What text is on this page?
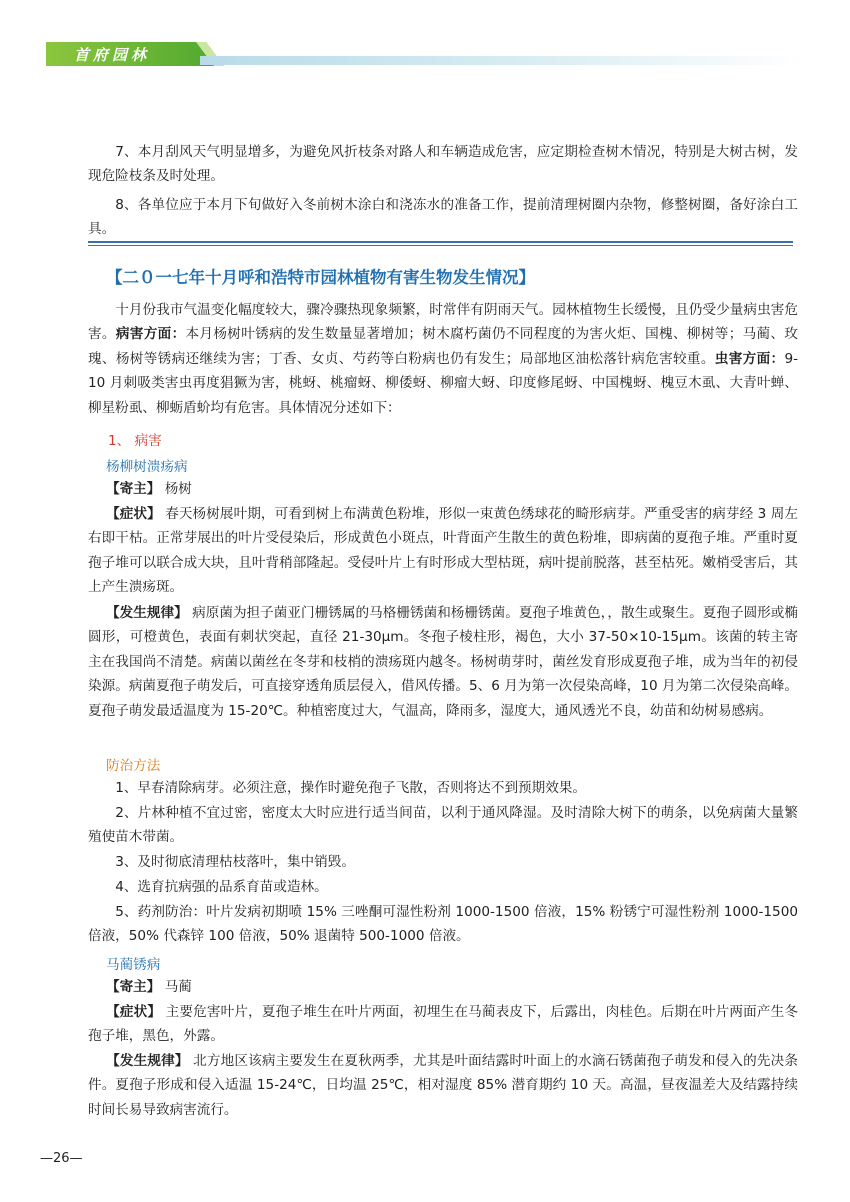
首府园林

7、本月刮风天气明显增多，为避免风折枝条对路人和车辆造成危害，应定期检查树木情况，特别是大树古树，发现危险枝条及时处理。

8、各单位应于本月下旬做好入冬前树木涂白和浇冻水的准备工作，提前清理树圈内杂物，修整树圈，备好涂白工具。

【二０一七年十月呼和浩特市园林植物有害生物发生情况】

十月份我市气温变化幅度较大，骤冷骤热现象频繁，时常伴有阴雨天气。园林植物生长缓慢，且仍受少量病虫害危害。病害方面：本月杨树叶锈病的发生数量显著增加；树木腐朽菌仍不同程度的为害火炬、国槐、柳树等；马蔺、玫瑰、杨树等锈病还继续为害；丁香、女贞、芍药等白粉病也仍有发生；局部地区油松落针病危害较重。虫害方面：9-10 月刺吸类害虫再度猖獗为害，桃蚜、桃瘤蚜、柳倭蚜、柳瘤大蚜、印度修尾蚜、中国槐蚜、槐豆木虱、大青叶蝉、柳星粉虱、柳蛎盾蚧均有危害。具体情况分述如下：

1、 病害

杨柳树溃疡病

【寄主】 杨树

【症状】 春天杨树展叶期，可看到树上布满黄色粉堆，形似一束黄色绣球花的畸形病芽。严重受害的病芽经 3 周左右即干枯。正常芽展出的叶片受侵染后，形成黄色小斑点，叶背面产生散生的黄色粉堆，即病菌的夏孢子堆。严重时夏孢子堆可以联合成大块，且叶背稍部隆起。受侵叶片上有时形成大型枯斑，病叶提前脱落，甚至枯死。嫩梢受害后，其上产生溃疡斑。

【发生规律】 病原菌为担子菌亚门栅锈属的马格栅锈菌和杨栅锈菌。夏孢子堆黄色，，散生或聚生。夏孢子圆形或椭圆形，可橙黄色，表面有刺状突起，直径 21-30μm。冬孢子棱柱形，褐色，大小 37-50×10-15μm。该菌的转主寄主在我国尚不清楚。病菌以菌丝在冬芽和枝梢的溃疡斑内越冬。杨树萌芽时，菌丝发育形成夏孢子堆，成为当年的初侵染源。病菌夏孢子萌发后，可直接穿透角质层侵入，借风传播。5、6 月为第一次侵染高峰，10 月为第二次侵染高峰。夏孢子萌发最适温度为 15-20℃。种植密度过大，气温高，降雨多，湿度大，通风透光不良，幼苗和幼树易感病。

防治方法

1、早春清除病芽。必须注意，操作时避免孢子飞散，否则将达不到预期效果。

2、片林种植不宜过密，密度太大时应进行适当间苗，以利于通风降湿。及时清除大树下的萌条，以免病菌大量繁殖使苗木带菌。

3、及时彻底清理枯枝落叶，集中销毁。

4、选育抗病强的品系育苗或造林。

5、药剂防治：叶片发病初期喷 15% 三唑酮可湿性粉剂 1000-1500 倍液，15% 粉锈宁可湿性粉剂 1000-1500 倍液，50% 代森锌 100 倍液，50% 退菌特 500-1000 倍液。

马蔺锈病

【寄主】 马蔺

【症状】 主要危害叶片，夏孢子堆生在叶片两面，初埋生在马蔺表皮下，后露出，肉桂色。后期在叶片两面产生冬孢子堆，黑色，外露。

【发生规律】 北方地区该病主要发生在夏秋两季，尤其是叶面结露时叶面上的水滴石锈菌孢子萌发和侵入的先决条件。夏孢子形成和侵入适温 15-24℃，日均温 25℃，相对湿度 85% 潜育期约 10 天。高温，昼夜温差大及结露持续时间长易导致病害流行。

—26—
